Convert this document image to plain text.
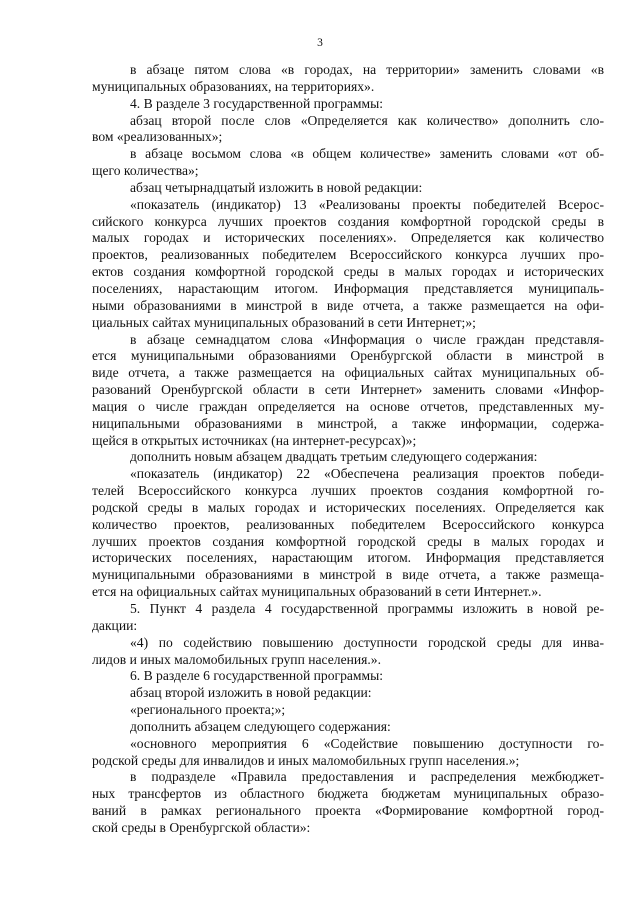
3
в абзаце пятом слова «в городах, на территории» заменить словами «в
муниципальных образованиях, на территориях».
4. В разделе 3 государственной программы:
абзац второй после слов «Определяется как количество» дополнить сло-
вом «реализованных»;
в абзаце восьмом слова «в общем количестве» заменить словами «от об-
щего количества»;
абзац четырнадцатый изложить в новой редакции:
«показатель (индикатор) 13 «Реализованы проекты победителей Всерос-
сийского конкурса лучших проектов создания комфортной городской среды в
малых городах и исторических поселениях». Определяется как количество
проектов, реализованных победителем Всероссийского конкурса лучших про-
ектов создания комфортной городской среды в малых городах и исторических
поселениях, нарастающим итогом. Информация представляется муниципаль-
ными образованиями в минстрой в виде отчета, а также размещается на офи-
циальных сайтах муниципальных образований в сети Интернет;»;
в абзаце семнадцатом слова «Информация о числе граждан представля-
ется муниципальными образованиями Оренбургской области в минстрой в
виде отчета, а также размещается на официальных сайтах муниципальных об-
разований Оренбургской области в сети Интернет» заменить словами «Инфор-
мация о числе граждан определяется на основе отчетов, представленных му-
ниципальными образованиями в минстрой, а также информации, содержа-
щейся в открытых источниках (на интернет-ресурсах)»;
дополнить новым абзацем двадцать третьим следующего содержания:
«показатель (индикатор) 22 «Обеспечена реализация проектов победи-
телей Всероссийского конкурса лучших проектов создания комфортной го-
родской среды в малых городах и исторических поселениях. Определяется как
количество проектов, реализованных победителем Всероссийского конкурса
лучших проектов создания комфортной городской среды в малых городах и
исторических поселениях, нарастающим итогом. Информация представляется
муниципальными образованиями в минстрой в виде отчета, а также размеща-
ется на официальных сайтах муниципальных образований в сети Интернет.».
5. Пункт 4 раздела 4 государственной программы изложить в новой ре-
дакции:
«4) по содействию повышению доступности городской среды для инва-
лидов и иных маломобильных групп населения.».
6. В разделе 6 государственной программы:
абзац второй изложить в новой редакции:
«регионального проекта;»;
дополнить абзацем следующего содержания:
«основного мероприятия 6 «Содействие повышению доступности го-
родской среды для инвалидов и иных маломобильных групп населения.»;
в подразделе «Правила предоставления и распределения межбюджет-
ных трансфертов из областного бюджета бюджетам муниципальных образо-
ваний в рамках регионального проекта «Формирование комфортной город-
ской среды в Оренбургской области»:
